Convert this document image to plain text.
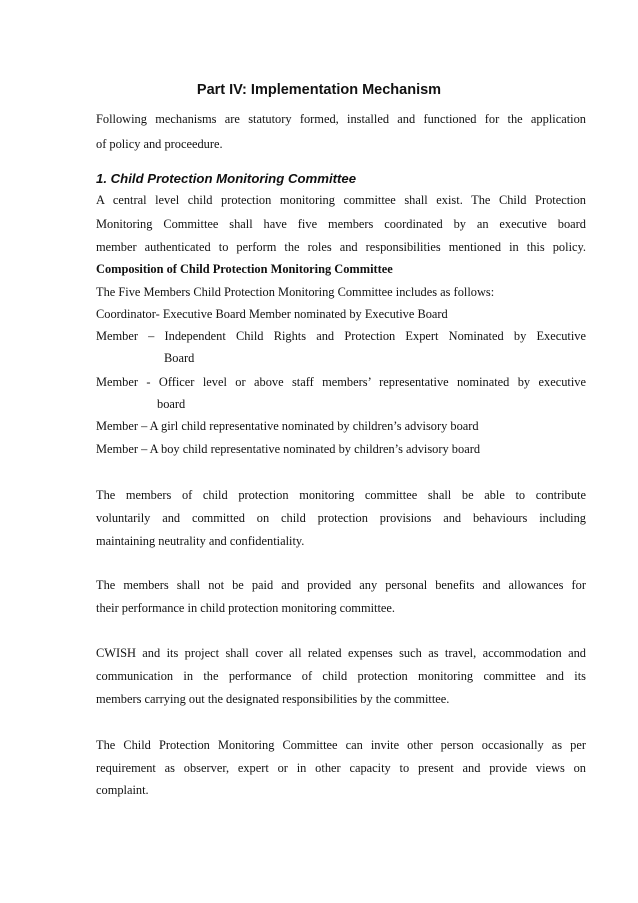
Part IV: Implementation Mechanism
Following mechanisms are statutory formed, installed and functioned for the application
of policy and proceedure.
1. Child Protection Monitoring Committee
A central level child protection monitoring committee shall exist. The Child Protection
Monitoring Committee shall have five members coordinated by an executive board
member authenticated to perform the roles and responsibilities mentioned in this policy.
Composition of Child Protection Monitoring Committee
The Five Members Child Protection Monitoring Committee includes as follows:
Coordinator- Executive Board Member nominated by Executive Board
Member – Independent Child Rights and Protection Expert Nominated by Executive
Board
Member - Officer level or above staff members’ representative nominated by executive
board
Member – A girl child representative nominated by children’s advisory board
Member – A boy child representative nominated by children’s advisory board
The members of child protection monitoring committee shall be able to contribute
voluntarily and committed on child protection provisions and behaviours including
maintaining neutrality and confidentiality.
The members shall not be paid and provided any personal benefits and allowances for
their performance in child protection monitoring committee.
CWISH and its project shall cover all related expenses such as travel, accommodation and
communication in the performance of child protection monitoring committee and its
members carrying out the designated responsibilities by the committee.
The Child Protection Monitoring Committee can invite other person occasionally as per
requirement as observer, expert or in other capacity to present and provide views on
complaint.
